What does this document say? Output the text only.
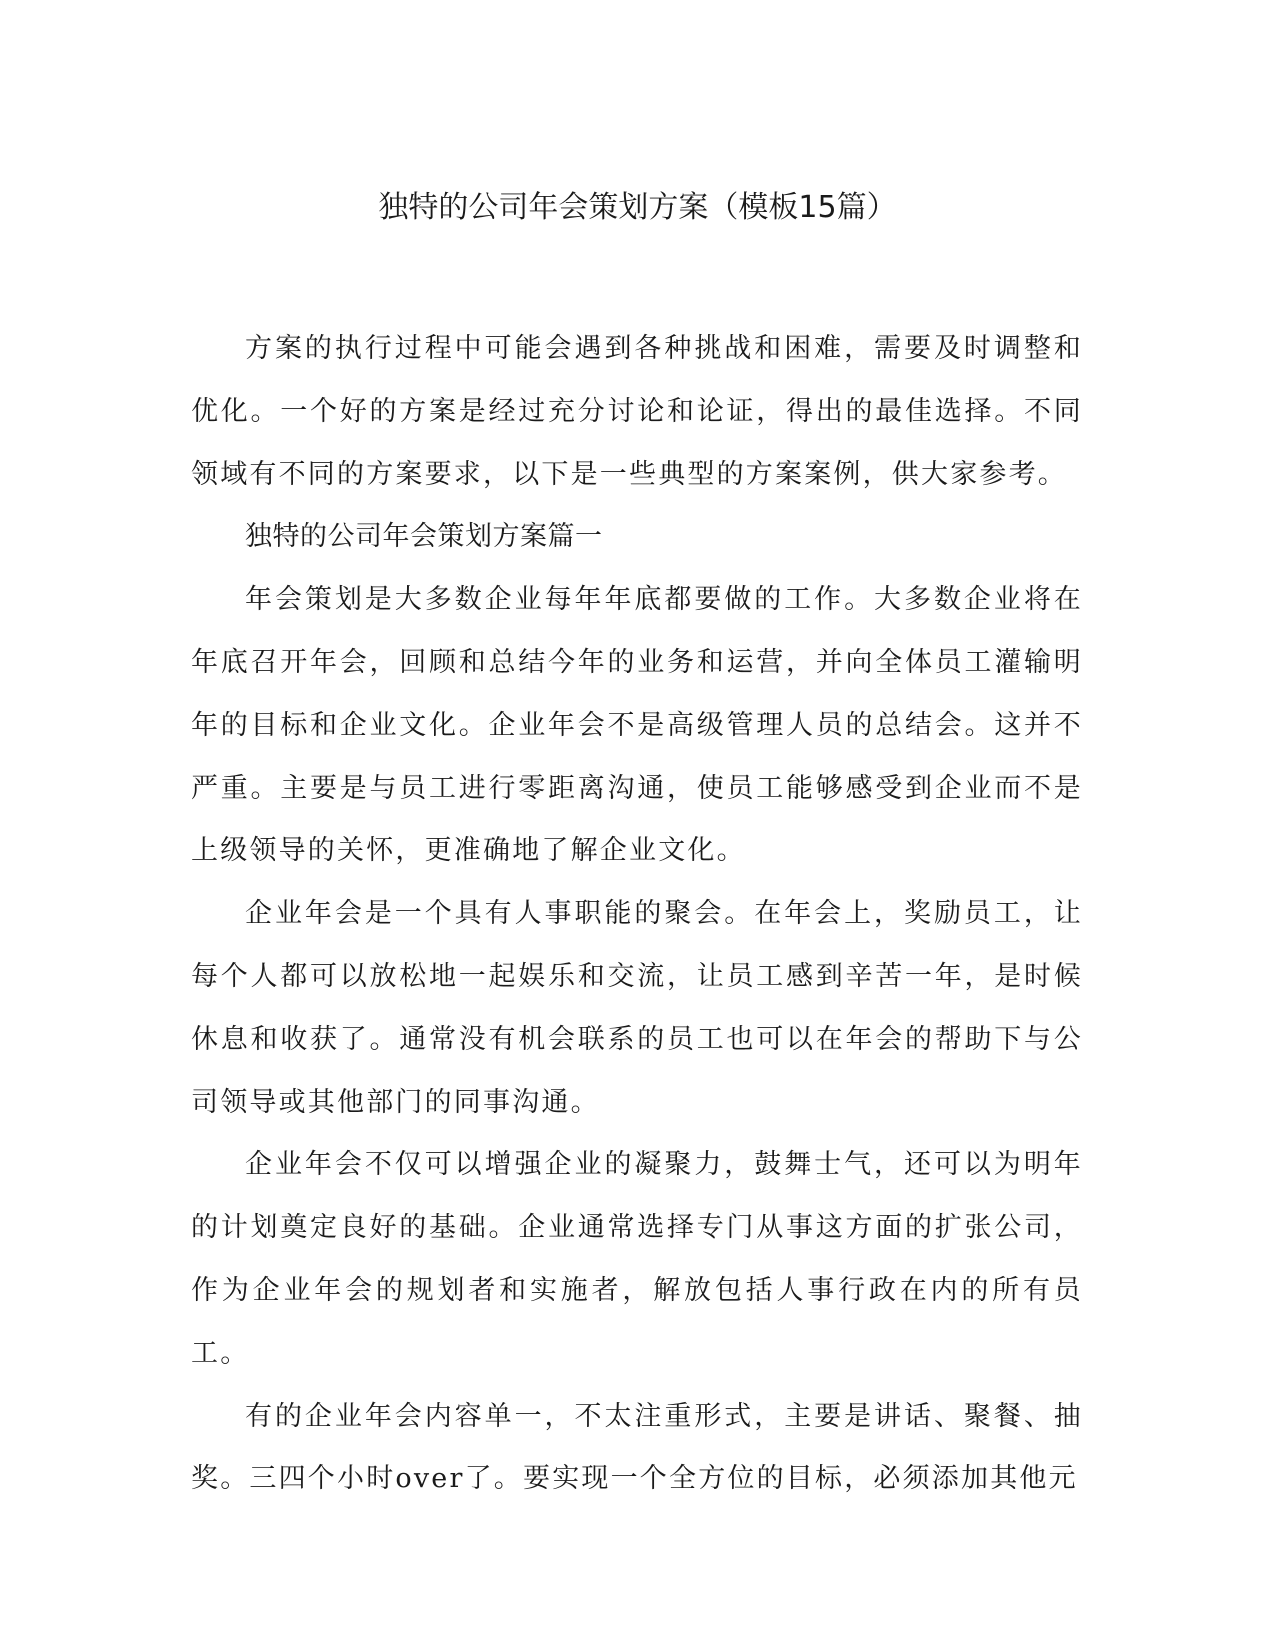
独特的公司年会策划方案（模板15篇）

方案的执行过程中可能会遇到各种挑战和困难，需要及时调整和优化。一个好的方案是经过充分讨论和论证，得出的最佳选择。不同领域有不同的方案要求，以下是一些典型的方案案例，供大家参考。

独特的公司年会策划方案篇一

年会策划是大多数企业每年年底都要做的工作。大多数企业将在年底召开年会，回顾和总结今年的业务和运营，并向全体员工灌输明年的目标和企业文化。企业年会不是高级管理人员的总结会。这并不严重。主要是与员工进行零距离沟通，使员工能够感受到企业而不是上级领导的关怀，更准确地了解企业文化。

企业年会是一个具有人事职能的聚会。在年会上，奖励员工，让每个人都可以放松地一起娱乐和交流，让员工感到辛苦一年，是时候休息和收获了。通常没有机会联系的员工也可以在年会的帮助下与公司领导或其他部门的同事沟通。

企业年会不仅可以增强企业的凝聚力，鼓舞士气，还可以为明年的计划奠定良好的基础。企业通常选择专门从事这方面的扩张公司，作为企业年会的规划者和实施者，解放包括人事行政在内的所有员工。

有的企业年会内容单一，不太注重形式，主要是讲话、聚餐、抽奖。三四个小时over了。要实现一个全方位的目标，必须添加其他元
